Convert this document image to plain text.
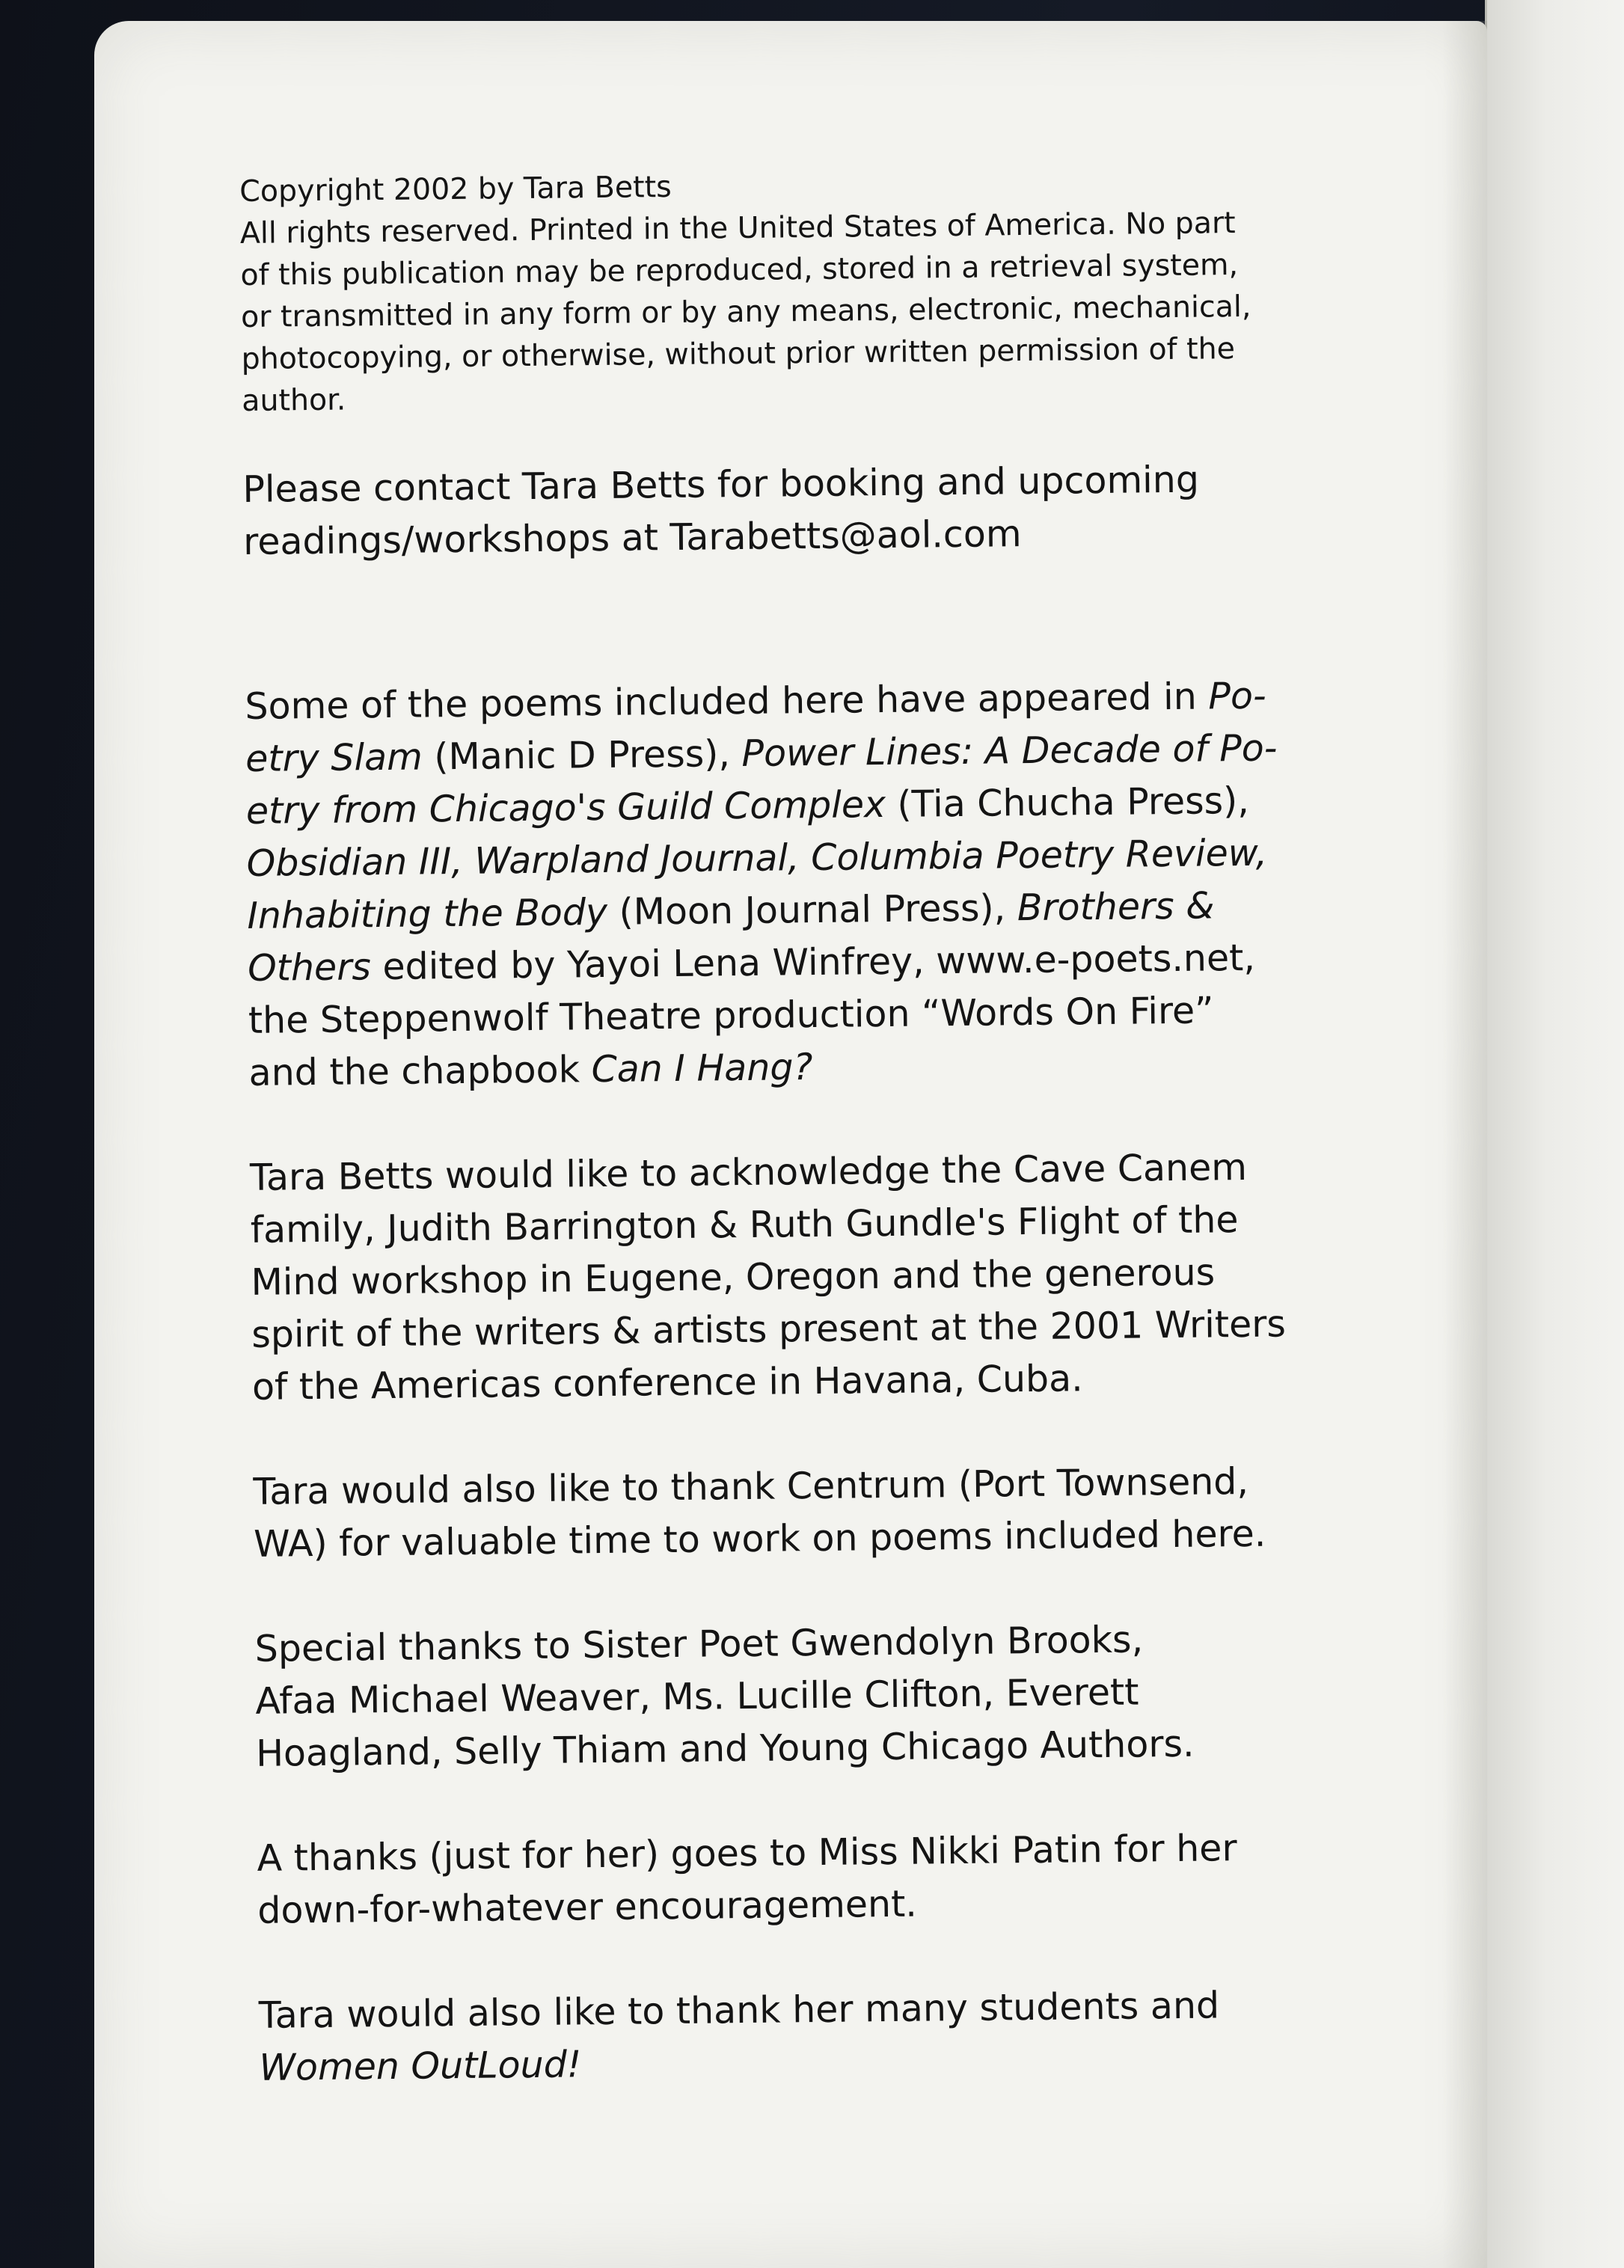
Copyright 2002 by Tara Betts
All rights reserved. Printed in the United States of America. No part
of this publication may be reproduced, stored in a retrieval system,
or transmitted in any form or by any means, electronic, mechanical,
photocopying, or otherwise, without prior written permission of the
author.

Please contact Tara Betts for booking and upcoming
readings/workshops at Tarabetts@aol.com

Some of the poems included here have appeared in Po-
etry Slam (Manic D Press), Power Lines: A Decade of Po-
etry from Chicago's Guild Complex (Tia Chucha Press),
Obsidian III, Warpland Journal, Columbia Poetry Review,
Inhabiting the Body (Moon Journal Press), Brothers &
Others edited by Yayoi Lena Winfrey, www.e-poets.net,
the Steppenwolf Theatre production “Words On Fire”
and the chapbook Can I Hang?

Tara Betts would like to acknowledge the Cave Canem
family, Judith Barrington & Ruth Gundle's Flight of the
Mind workshop in Eugene, Oregon and the generous
spirit of the writers & artists present at the 2001 Writers
of the Americas conference in Havana, Cuba.

Tara would also like to thank Centrum (Port Townsend,
WA) for valuable time to work on poems included here.

Special thanks to Sister Poet Gwendolyn Brooks,
Afaa Michael Weaver, Ms. Lucille Clifton, Everett
Hoagland, Selly Thiam and Young Chicago Authors.

A thanks (just for her) goes to Miss Nikki Patin for her
down-for-whatever encouragement.

Tara would also like to thank her many students and
Women OutLoud!
